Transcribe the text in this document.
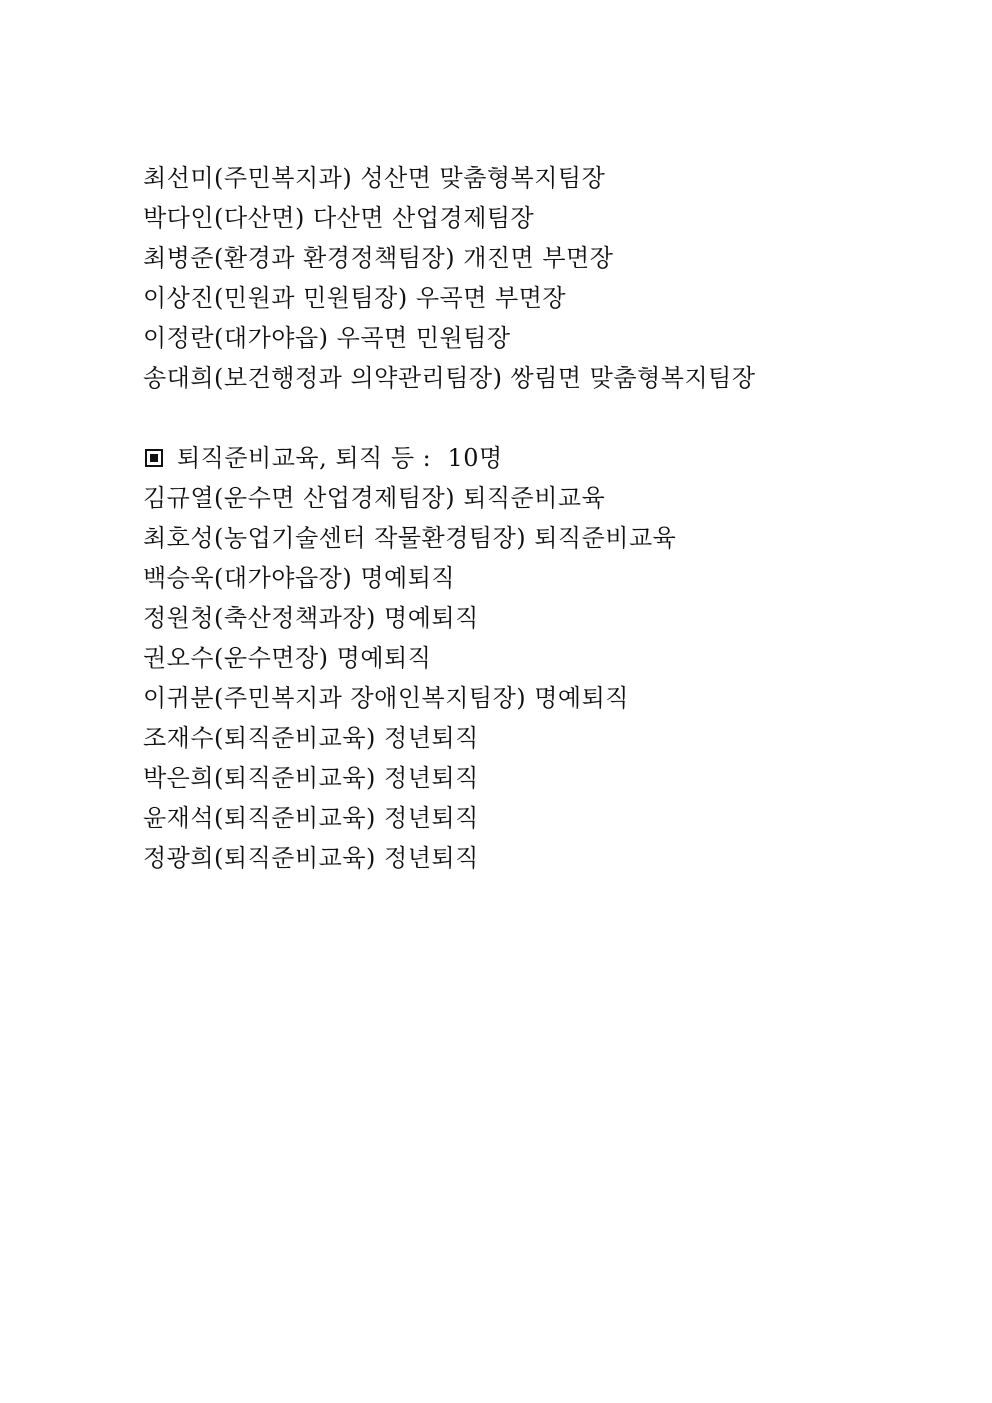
최선미(주민복지과) 성산면 맞춤형복지팀장
박다인(다산면) 다산면 산업경제팀장
최병준(환경과 환경정책팀장) 개진면 부면장
이상진(민원과 민원팀장) 우곡면 부면장
이정란(대가야읍) 우곡면 민원팀장
송대희(보건행정과 의약관리팀장) 쌍림면 맞춤형복지팀장
퇴직준비교육, 퇴직 등 :  10명
김규열(운수면 산업경제팀장) 퇴직준비교육
최호성(농업기술센터 작물환경팀장) 퇴직준비교육
백승욱(대가야읍장) 명예퇴직
정원청(축산정책과장) 명예퇴직
권오수(운수면장) 명예퇴직
이귀분(주민복지과 장애인복지팀장) 명예퇴직
조재수(퇴직준비교육) 정년퇴직
박은희(퇴직준비교육) 정년퇴직
윤재석(퇴직준비교육) 정년퇴직
정광희(퇴직준비교육) 정년퇴직
